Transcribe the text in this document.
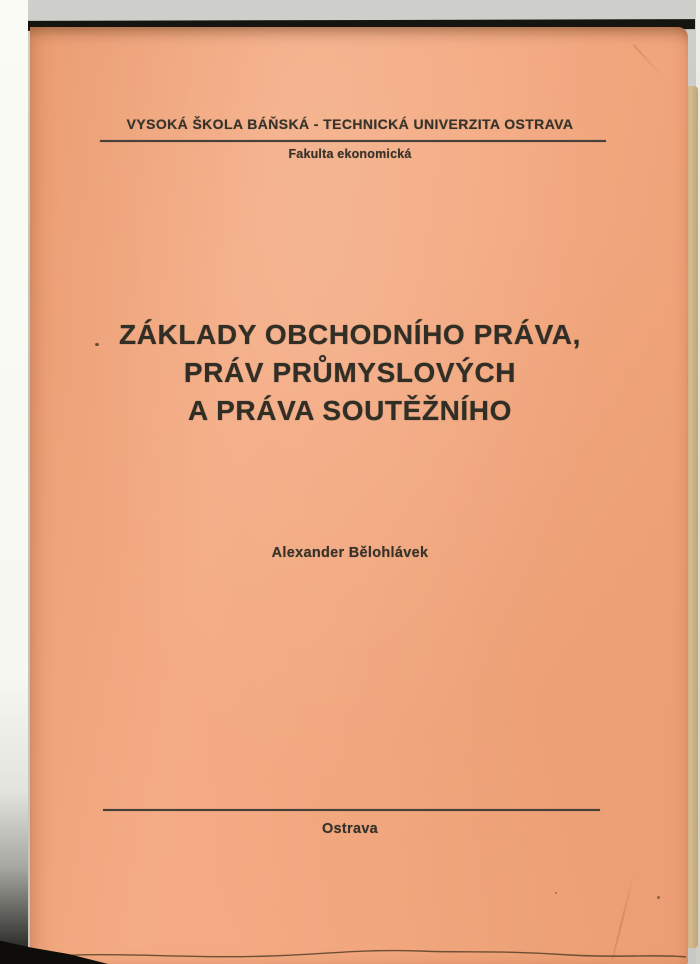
VYSOKÁ ŠKOLA BÁŇSKÁ - TECHNICKÁ UNIVERZITA OSTRAVA
Fakulta ekonomická
ZÁKLADY OBCHODNÍHO PRÁVA,
PRÁV PRŮMYSLOVÝCH
A PRÁVA SOUTĚŽNÍHO
Alexander Bělohlávek
Ostrava
